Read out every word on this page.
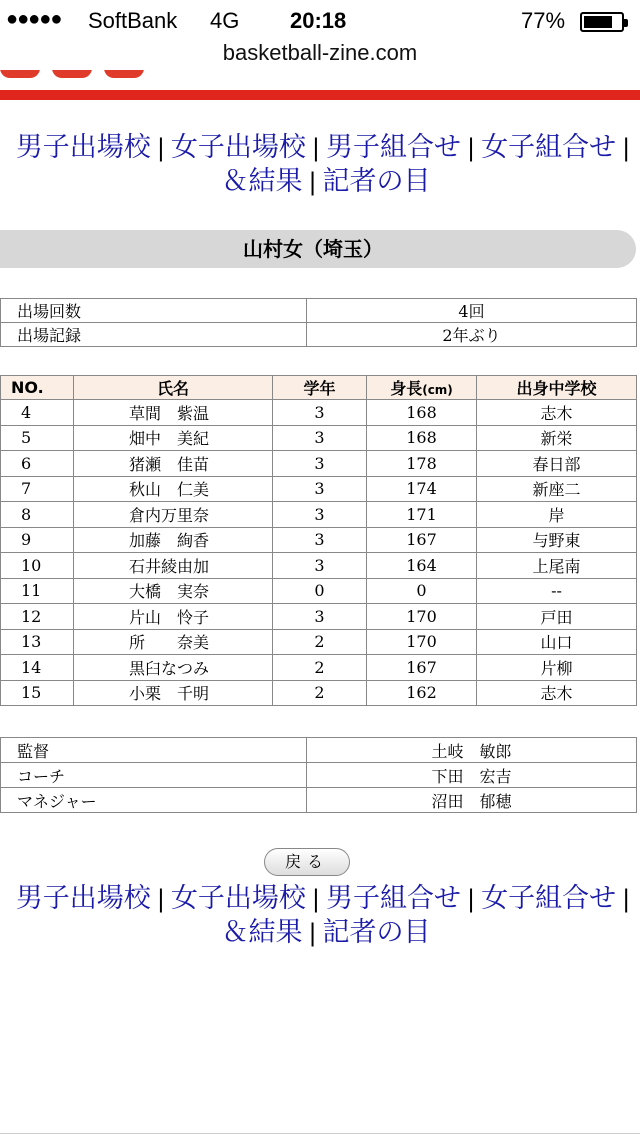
●●●●● SoftBank 4G 20:18	77%
basketball-zine.com
男子出場校 | 女子出場校 | 男子組合せ | 女子組合せ |
＆結果 | 記者の目
山村女（埼玉）
出場回数	4回
出場記録	2年ぶり
NO.	氏名	学年	身長(cm)	出身中学校
4	草間　紫温	3	168	志木
5	畑中　美紀	3	168	新栄
6	猪瀬　佳苗	3	178	春日部
7	秋山　仁美	3	174	新座二
8	倉内万里奈	3	171	岸
9	加藤　絢香	3	167	与野東
10	石井綾由加	3	164	上尾南
11	大橋　実奈	0	0	--
12	片山　怜子	3	170	戸田
13	所　　奈美	2	170	山口
14	黒臼なつみ	2	167	片柳
15	小栗　千明	2	162	志木
監督	土岐　敏郎
コーチ	下田　宏吉
マネジャー	沼田　郁穂
戻る
男子出場校 | 女子出場校 | 男子組合せ | 女子組合せ |
＆結果 | 記者の目
